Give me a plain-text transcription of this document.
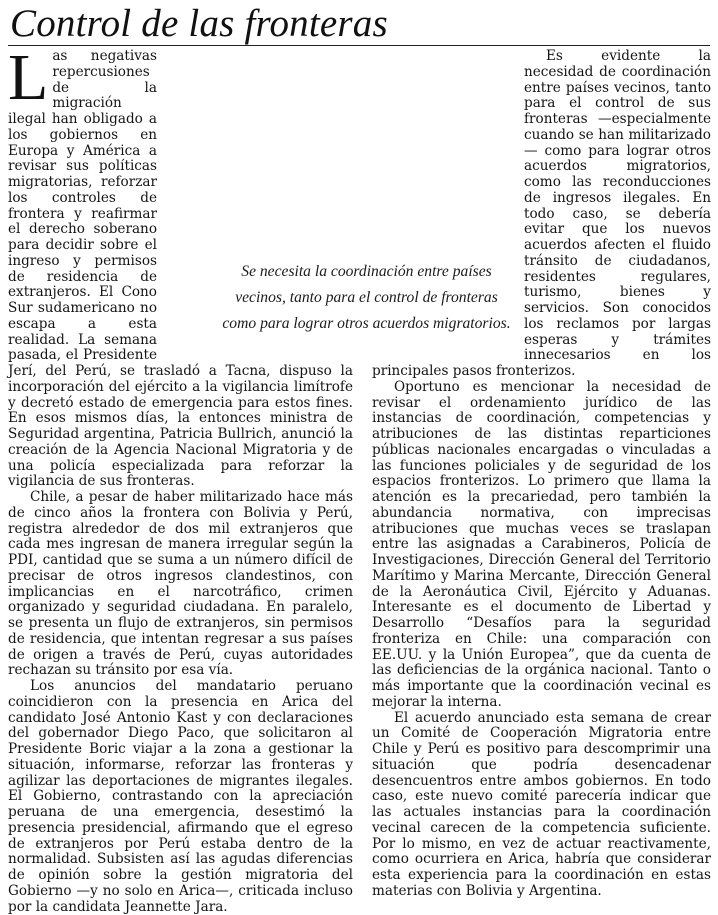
Control de las fronteras

Las negativas repercusiones de la migración ilegal han obligado a los gobiernos en Europa y América a revisar sus políticas migratorias, reforzar los controles de frontera y reafirmar el derecho soberano para decidir sobre el ingreso y permisos de residencia de extranjeros. El Cono Sur sudamericano no escapa a esta realidad. La semana pasada, el Presidente Jerí, del Perú, se trasladó a Tacna, dispuso la incorporación del ejército a la vigilancia limítrofe y decretó estado de emergencia para estos fines. En esos mismos días, la entonces ministra de Seguridad argentina, Patricia Bullrich, anunció la creación de la Agencia Nacional Migratoria y de una policía especializada para reforzar la vigilancia de sus fronteras.

Chile, a pesar de haber militarizado hace más de cinco años la frontera con Bolivia y Perú, registra alrededor de dos mil extranjeros que cada mes ingresan de manera irregular según la PDI, cantidad que se suma a un número difícil de precisar de otros ingresos clandestinos, con implicancias en el narcotráfico, crimen organizado y seguridad ciudadana. En paralelo, se presenta un flujo de extranjeros, sin permisos de residencia, que intentan regresar a sus países de origen a través de Perú, cuyas autoridades rechazan su tránsito por esa vía.

Los anuncios del mandatario peruano coincidieron con la presencia en Arica del candidato José Antonio Kast y con declaraciones del gobernador Diego Paco, que solicitaron al Presidente Boric viajar a la zona a gestionar la situación, informarse, reforzar las fronteras y agilizar las deportaciones de migrantes ilegales. El Gobierno, contrastando con la apreciación peruana de una emergencia, desestimó la presencia presidencial, afirmando que el egreso de extranjeros por Perú estaba dentro de la normalidad. Subsisten así las agudas diferencias de opinión sobre la gestión migratoria del Gobierno —y no solo en Arica—, criticada incluso por la candidata Jeannette Jara.

Es evidente la necesidad de coordinación entre países vecinos, tanto para el control de sus fronteras —especialmente cuando se han militarizado— como para lograr otros acuerdos migratorios, como las reconducciones de ingresos ilegales. En todo caso, se debería evitar que los nuevos acuerdos afecten el fluido tránsito de ciudadanos, residentes regulares, turismo, bienes y servicios. Son conocidos los reclamos por largas esperas y trámites innecesarios en los principales pasos fronterizos.

Oportuno es mencionar la necesidad de revisar el ordenamiento jurídico de las instancias de coordinación, competencias y atribuciones de las distintas reparticiones públicas nacionales encargadas o vinculadas a las funciones policiales y de seguridad de los espacios fronterizos. Lo primero que llama la atención es la precariedad, pero también la abundancia normativa, con imprecisas atribuciones que muchas veces se traslapan entre las asignadas a Carabineros, Policía de Investigaciones, Dirección General del Territorio Marítimo y Marina Mercante, Dirección General de la Aeronáutica Civil, Ejército y Aduanas. Interesante es el documento de Libertad y Desarrollo “Desafíos para la seguridad fronteriza en Chile: una comparación con EE.UU. y la Unión Europea”, que da cuenta de las deficiencias de la orgánica nacional. Tanto o más importante que la coordinación vecinal es mejorar la interna.

El acuerdo anunciado esta semana de crear un Comité de Cooperación Migratoria entre Chile y Perú es positivo para descomprimir una situación que podría desencadenar desencuentros entre ambos gobiernos. En todo caso, este nuevo comité parecería indicar que las actuales instancias para la coordinación vecinal carecen de la competencia suficiente. Por lo mismo, en vez de actuar reactivamente, como ocurriera en Arica, habría que considerar esta experiencia para la coordinación en estas materias con Bolivia y Argentina.

Se necesita la coordinación entre países vecinos, tanto para el control de fronteras como para lograr otros acuerdos migratorios.
